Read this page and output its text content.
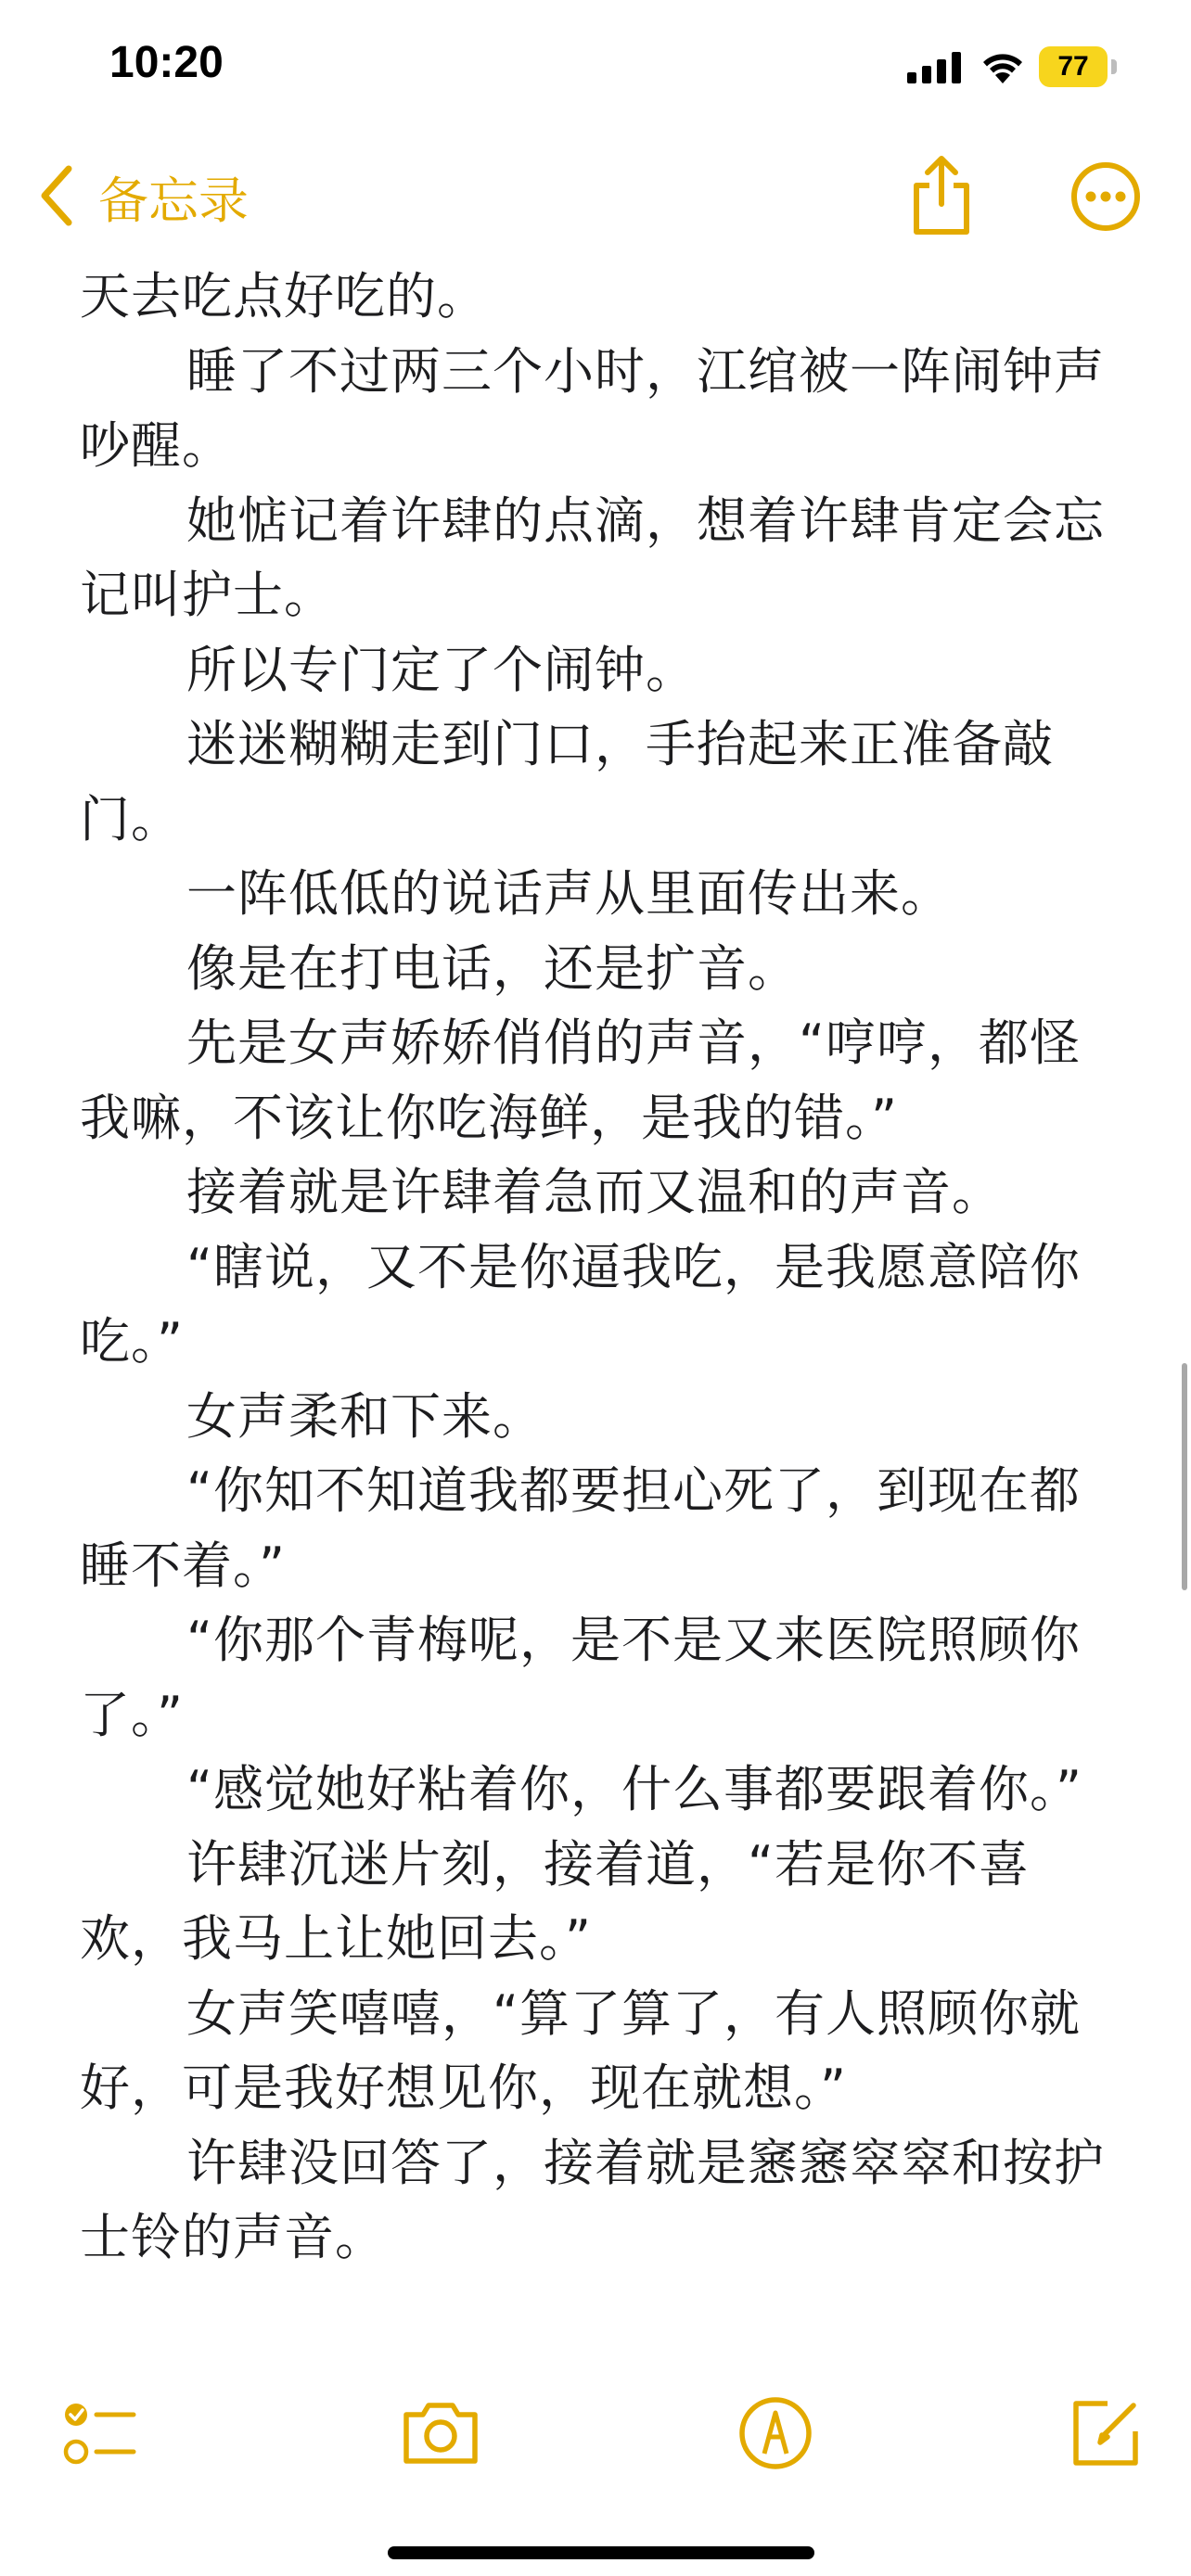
10:20	77

备忘录

天去吃点好吃的。

睡了不过两三个小时，江绾被一阵闹钟声吵醒。

她惦记着许肆的点滴，想着许肆肯定会忘记叫护士。

所以专门定了个闹钟。

迷迷糊糊走到门口，手抬起来正准备敲门。

一阵低低的说话声从里面传出来。

像是在打电话，还是扩音。

先是女声娇娇俏俏的声音，“哼哼，都怪我嘛，不该让你吃海鲜，是我的错。”

接着就是许肆着急而又温和的声音。

“瞎说，又不是你逼我吃，是我愿意陪你吃。”

女声柔和下来。

“你知不知道我都要担心死了，到现在都睡不着。”

“你那个青梅呢，是不是又来医院照顾你了。”

“感觉她好粘着你，什么事都要跟着你。”

许肆沉迷片刻，接着道，“若是你不喜欢，我马上让她回去。”

女声笑嘻嘻，“算了算了，有人照顾你就好，可是我好想见你，现在就想。”

许肆没回答了，接着就是窸窸窣窣和按护士铃的声音。
